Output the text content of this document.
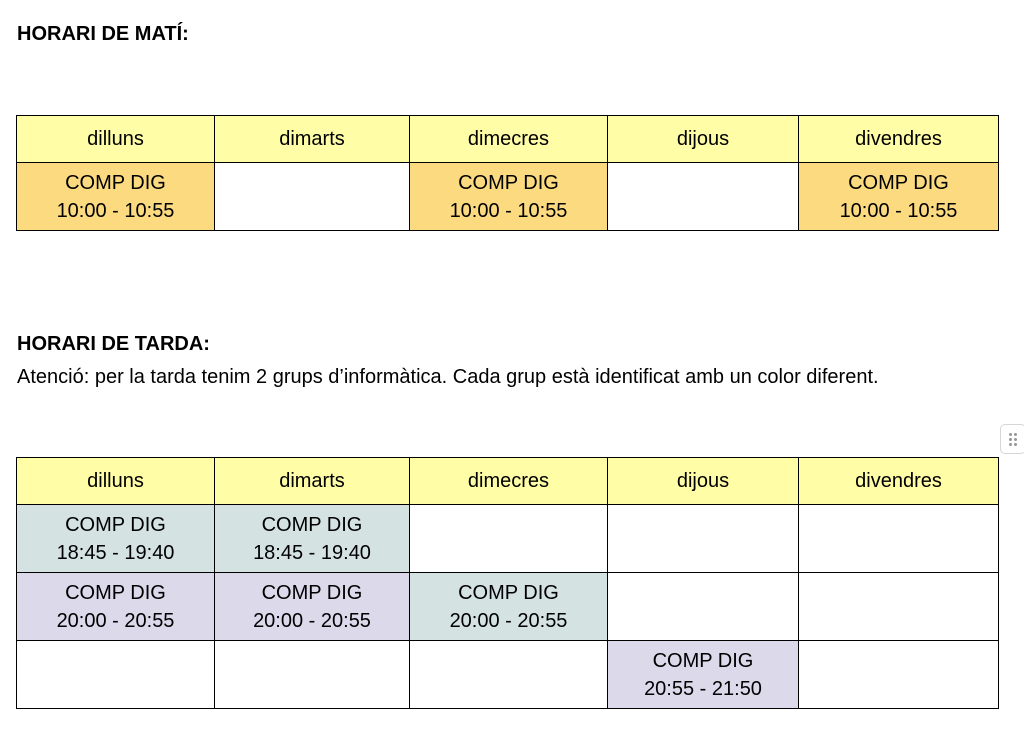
HORARI DE MATÍ:

dilluns	dimarts	dimecres	dijous	divendres

COMP DIG
10:00 - 10:55		COMP DIG
10:00 - 10:55		COMP DIG
10:00 - 10:55

HORARI DE TARDA:

Atenció: per la tarda tenim 2 grups d’informàtica. Cada grup està identificat amb un color diferent.

dilluns	dimarts	dimecres	dijous	divendres

COMP DIG
18:45 - 19:40	COMP DIG
18:45 - 19:40			

COMP DIG
20:00 - 20:55	COMP DIG
20:00 - 20:55	COMP DIG
20:00 - 20:55		

			COMP DIG
20:55 - 21:50	
